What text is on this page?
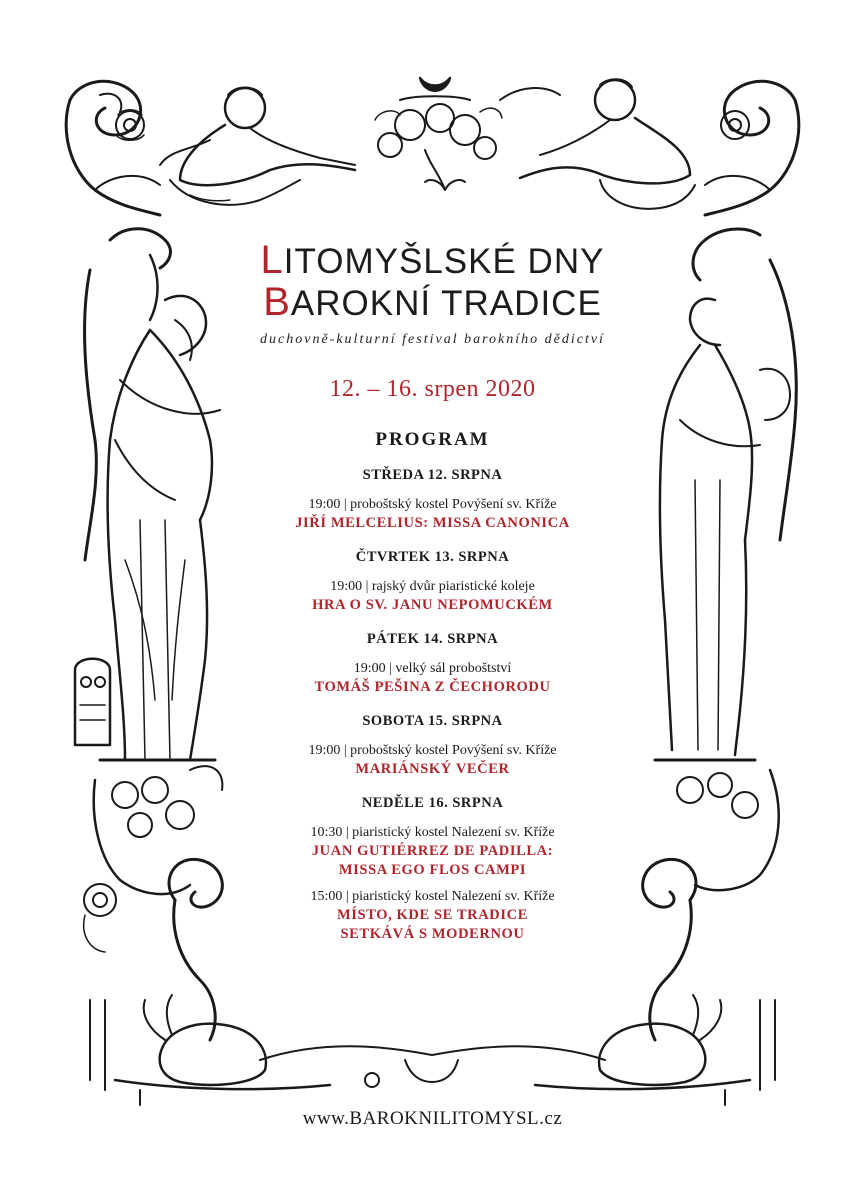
LITOMYŠLSKÉ DNY
BAROKNÍ TRADICE
duchovně-kulturní festival barokního dědictví
12. – 16. srpen 2020
PROGRAM
STŘEDA 12. SRPNA
19:00 | proboštský kostel Povýšení sv. Kříže
JIŘÍ MELCELIUS: MISSA CANONICA
ČTVRTEK 13. SRPNA
19:00 | rajský dvůr piaristické koleje
HRA O SV. JANU NEPOMUCKÉM
PÁTEK 14. SRPNA
19:00 | velký sál proboštství
TOMÁŠ PEŠINA Z ČECHORODU
SOBOTA 15. SRPNA
19:00 | proboštský kostel Povýšení sv. Kříže
MARIÁNSKÝ VEČER
NEDĚLE 16. SRPNA
10:30 | piaristický kostel Nalezení sv. Kříže
JUAN GUTIÉRREZ DE PADILLA:
MISSA EGO FLOS CAMPI
15:00 | piaristický kostel Nalezení sv. Kříže
MÍSTO, KDE SE TRADICE
SETKÁVÁ S MODERNOU
www.BAROKNILITOMYSL.cz
